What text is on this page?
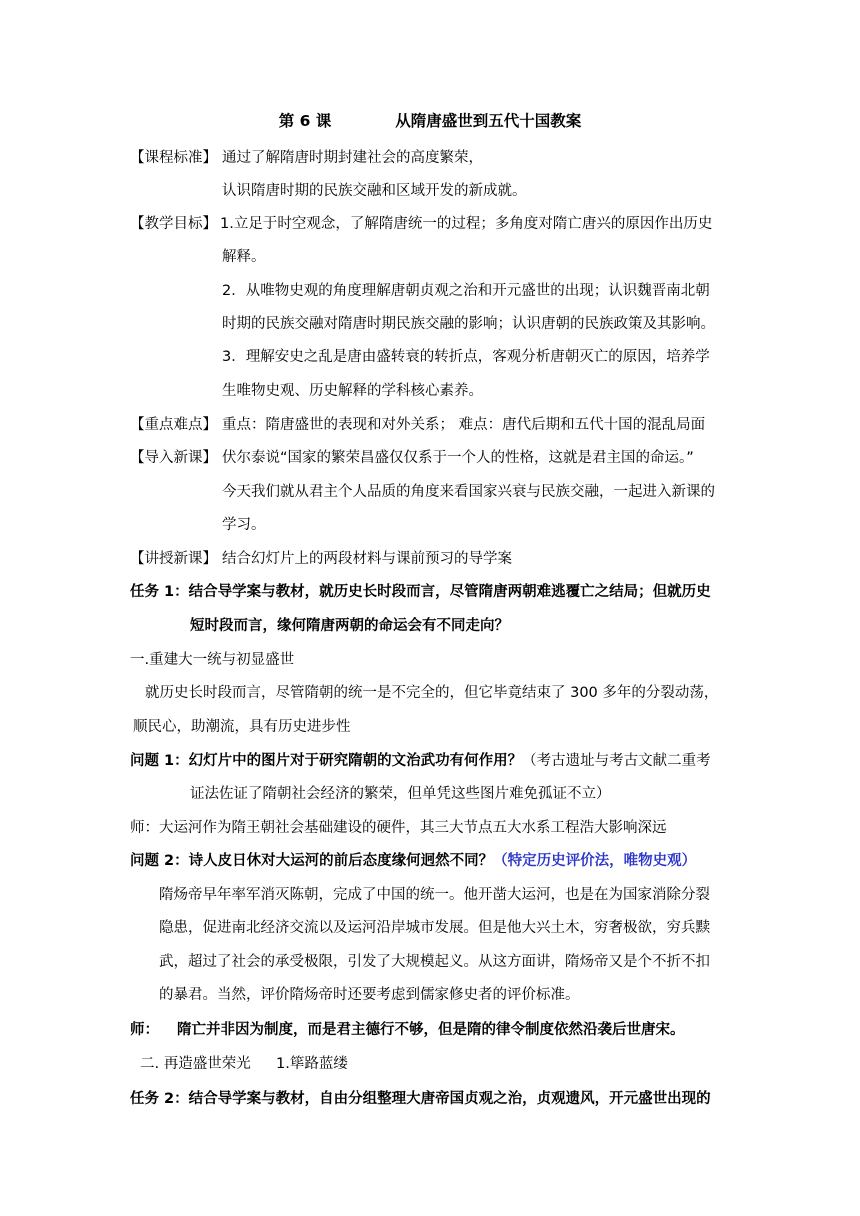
第 6 课	从隋唐盛世到五代十国教案
【课程标准】 通过了解隋唐时期封建社会的高度繁荣，
认识隋唐时期的民族交融和区域开发的新成就。
【教学目标】 1.立足于时空观念，了解隋唐统一的过程；多角度对隋亡唐兴的原因作出历史
解释。
2．从唯物史观的角度理解唐朝贞观之治和开元盛世的出现；认识魏晋南北朝
时期的民族交融对隋唐时期民族交融的影响；认识唐朝的民族政策及其影响。
3．理解安史之乱是唐由盛转衰的转折点，客观分析唐朝灭亡的原因，培养学
生唯物史观、历史解释的学科核心素养。
【重点难点】 重点：隋唐盛世的表现和对外关系； 难点：唐代后期和五代十国的混乱局面
【导入新课】 伏尔泰说“国家的繁荣昌盛仅仅系于一个人的性格，这就是君主国的命运。”
今天我们就从君主个人品质的角度来看国家兴衰与民族交融，一起进入新课的
学习。
【讲授新课】 结合幻灯片上的两段材料与课前预习的导学案
任务 1：结合导学案与教材，就历史长时段而言，尽管隋唐两朝难逃覆亡之结局；但就历史
短时段而言，缘何隋唐两朝的命运会有不同走向？
一.重建大一统与初显盛世
就历史长时段而言，尽管隋朝的统一是不完全的，但它毕竟结束了 300 多年的分裂动荡，
顺民心，助潮流，具有历史进步性
问题 1：幻灯片中的图片对于研究隋朝的文治武功有何作用？（考古遗址与考古文献二重考
证法佐证了隋朝社会经济的繁荣，但单凭这些图片难免孤证不立）
师：大运河作为隋王朝社会基础建设的硬件，其三大节点五大水系工程浩大影响深远
问题 2：诗人皮日休对大运河的前后态度缘何迥然不同？（特定历史评价法，唯物史观）
隋炀帝早年率军消灭陈朝，完成了中国的统一。他开凿大运河，也是在为国家消除分裂
隐患，促进南北经济交流以及运河沿岸城市发展。但是他大兴土木，穷奢极欲，穷兵黩
武，超过了社会的承受极限，引发了大规模起义。从这方面讲，隋炀帝又是个不折不扣
的暴君。当然，评价隋炀帝时还要考虑到儒家修史者的评价标准。
师： 隋亡并非因为制度，而是君主德行不够，但是隋的律令制度依然沿袭后世唐宋。
二. 再造盛世荣光 1.筚路蓝缕
任务 2：结合导学案与教材，自由分组整理大唐帝国贞观之治，贞观遗风，开元盛世出现的
